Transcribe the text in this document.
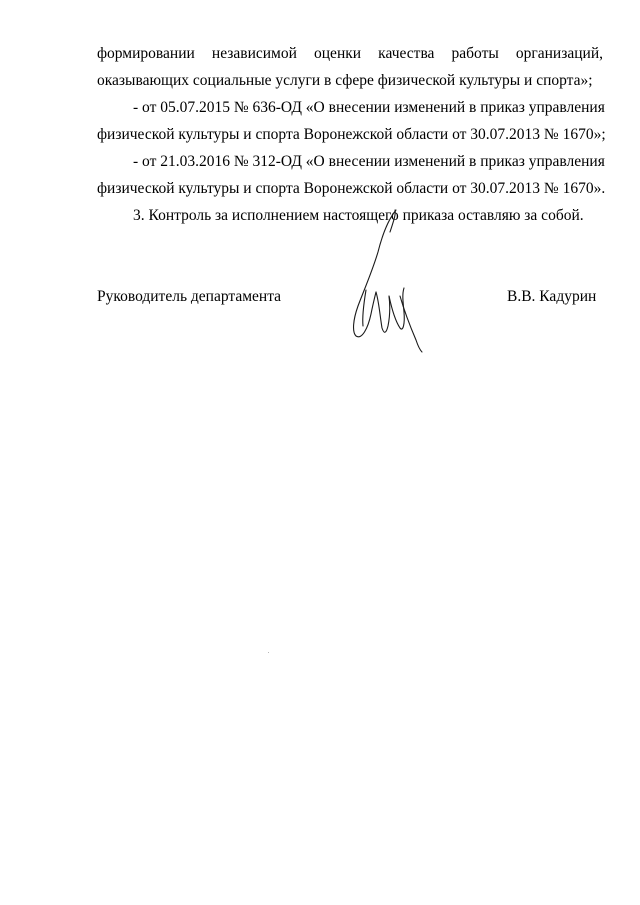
формировании независимой оценки качества работы организаций,
оказывающих социальные услуги в сфере физической культуры и спорта»;
- от 05.07.2015 № 636-ОД «О внесении изменений в приказ управления
физической культуры и спорта Воронежской области от 30.07.2013 № 1670»;
- от 21.03.2016 № 312-ОД «О внесении изменений в приказ управления
физической культуры и спорта Воронежской области от 30.07.2013 № 1670».
3. Контроль за исполнением настоящего приказа оставляю за собой.
Руководитель департамента	В.В. Кадурин
